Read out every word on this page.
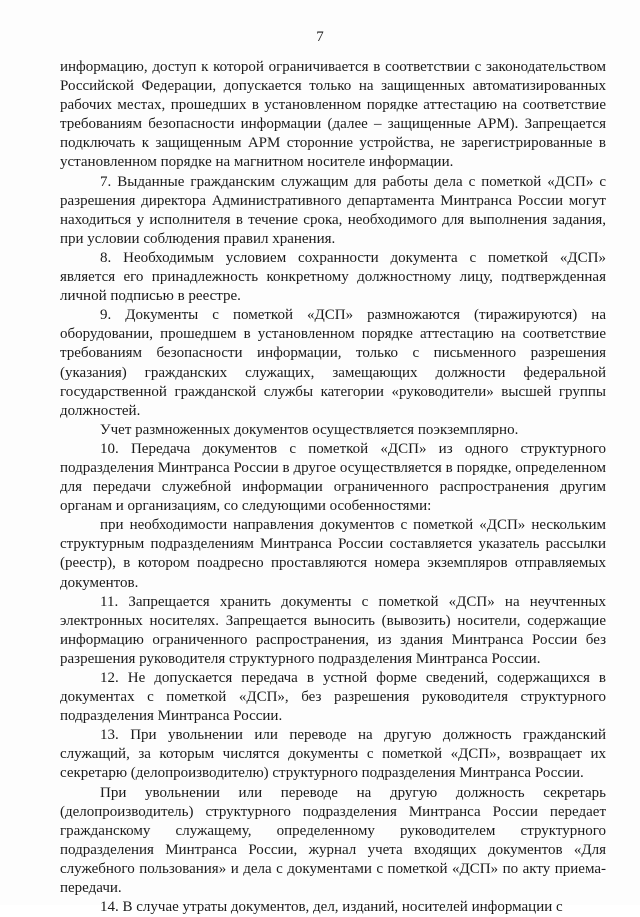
7

информацию, доступ к которой ограничивается в соответствии с законодательством Российской Федерации, допускается только на защищенных автоматизированных рабочих местах, прошедших в установленном порядке аттестацию на соответствие требованиям безопасности информации (далее – защищенные АРМ). Запрещается подключать к защищенным АРМ сторонние устройства, не зарегистрированные в установленном порядке на магнитном носителе информации.

7. Выданные гражданским служащим для работы дела с пометкой «ДСП» с разрешения директора Административного департамента Минтранса России могут находиться у исполнителя в течение срока, необходимого для выполнения задания, при условии соблюдения правил хранения.

8. Необходимым условием сохранности документа с пометкой «ДСП» является его принадлежность конкретному должностному лицу, подтвержденная личной подписью в реестре.

9. Документы с пометкой «ДСП» размножаются (тиражируются) на оборудовании, прошедшем в установленном порядке аттестацию на соответствие требованиям безопасности информации, только с письменного разрешения (указания) гражданских служащих, замещающих должности федеральной государственной гражданской службы категории «руководители» высшей группы должностей.

Учет размноженных документов осуществляется поэкземплярно.

10. Передача документов с пометкой «ДСП» из одного структурного подразделения Минтранса России в другое осуществляется в порядке, определенном для передачи служебной информации ограниченного распространения другим органам и организациям, со следующими особенностями:

при необходимости направления документов с пометкой «ДСП» нескольким структурным подразделениям Минтранса России составляется указатель рассылки (реестр), в котором поадресно проставляются номера экземпляров отправляемых документов.

11. Запрещается хранить документы с пометкой «ДСП» на неучтенных электронных носителях. Запрещается выносить (вывозить) носители, содержащие информацию ограниченного распространения, из здания Минтранса России без разрешения руководителя структурного подразделения Минтранса России.

12. Не допускается передача в устной форме сведений, содержащихся в документах с пометкой «ДСП», без разрешения руководителя структурного подразделения Минтранса России.

13. При увольнении или переводе на другую должность гражданский служащий, за которым числятся документы с пометкой «ДСП», возвращает их секретарю (делопроизводителю) структурного подразделения Минтранса России.

При увольнении или переводе на другую должность секретарь (делопроизводитель) структурного подразделения Минтранса России передает гражданскому служащему, определенному руководителем структурного подразделения Минтранса России, журнал учета входящих документов «Для служебного пользования» и дела с документами с пометкой «ДСП» по акту приема-передачи.

14. В случае утраты документов, дел, изданий, носителей информации с
